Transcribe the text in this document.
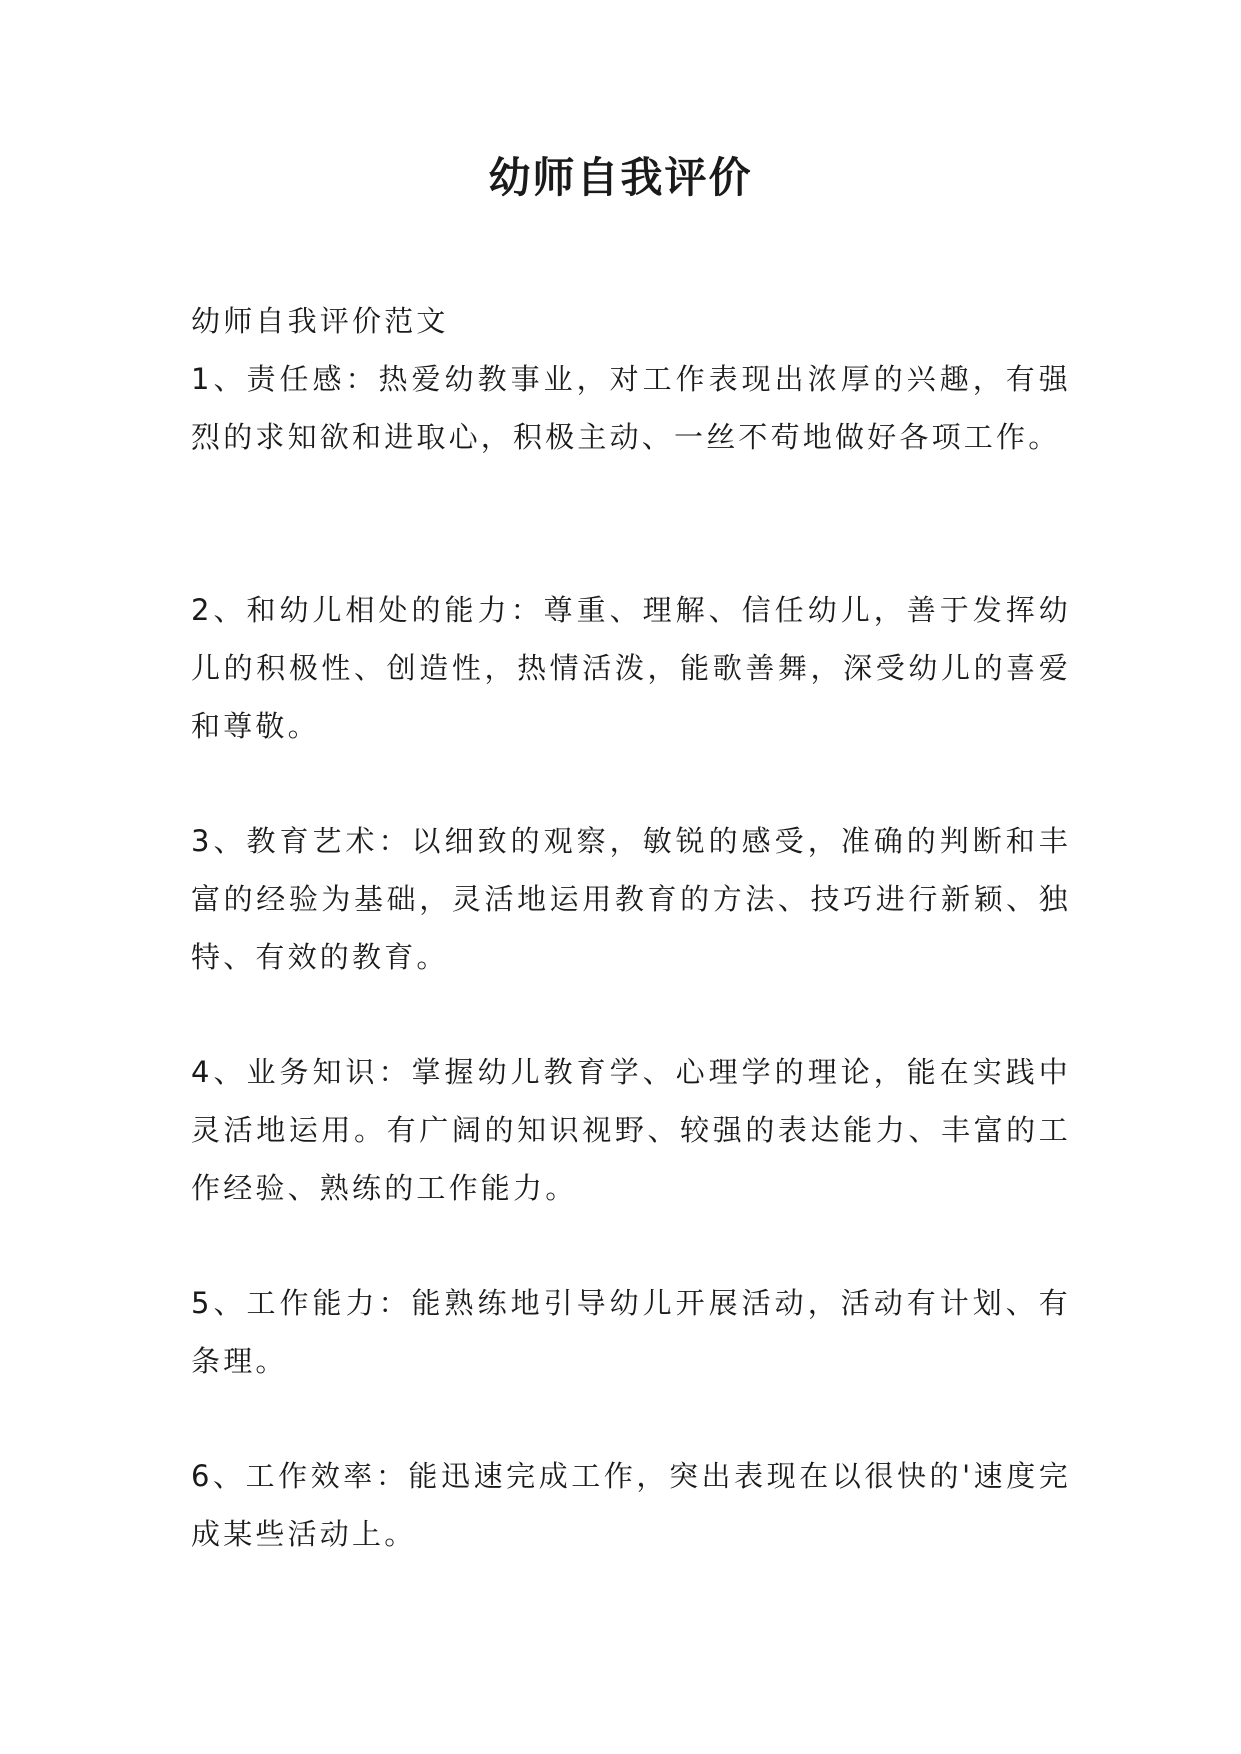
幼师自我评价

幼师自我评价范文

1、责任感：热爱幼教事业，对工作表现出浓厚的兴趣，有强烈的求知欲和进取心，积极主动、一丝不苟地做好各项工作。

2、和幼儿相处的能力：尊重、理解、信任幼儿，善于发挥幼儿的积极性、创造性，热情活泼，能歌善舞，深受幼儿的喜爱和尊敬。

3、教育艺术：以细致的观察，敏锐的感受，准确的判断和丰富的经验为基础，灵活地运用教育的方法、技巧进行新颖、独特、有效的教育。

4、业务知识：掌握幼儿教育学、心理学的理论，能在实践中灵活地运用。有广阔的知识视野、较强的表达能力、丰富的工作经验、熟练的工作能力。

5、工作能力：能熟练地引导幼儿开展活动，活动有计划、有条理。

6、工作效率：能迅速完成工作，突出表现在以很快的'速度完成某些活动上。
